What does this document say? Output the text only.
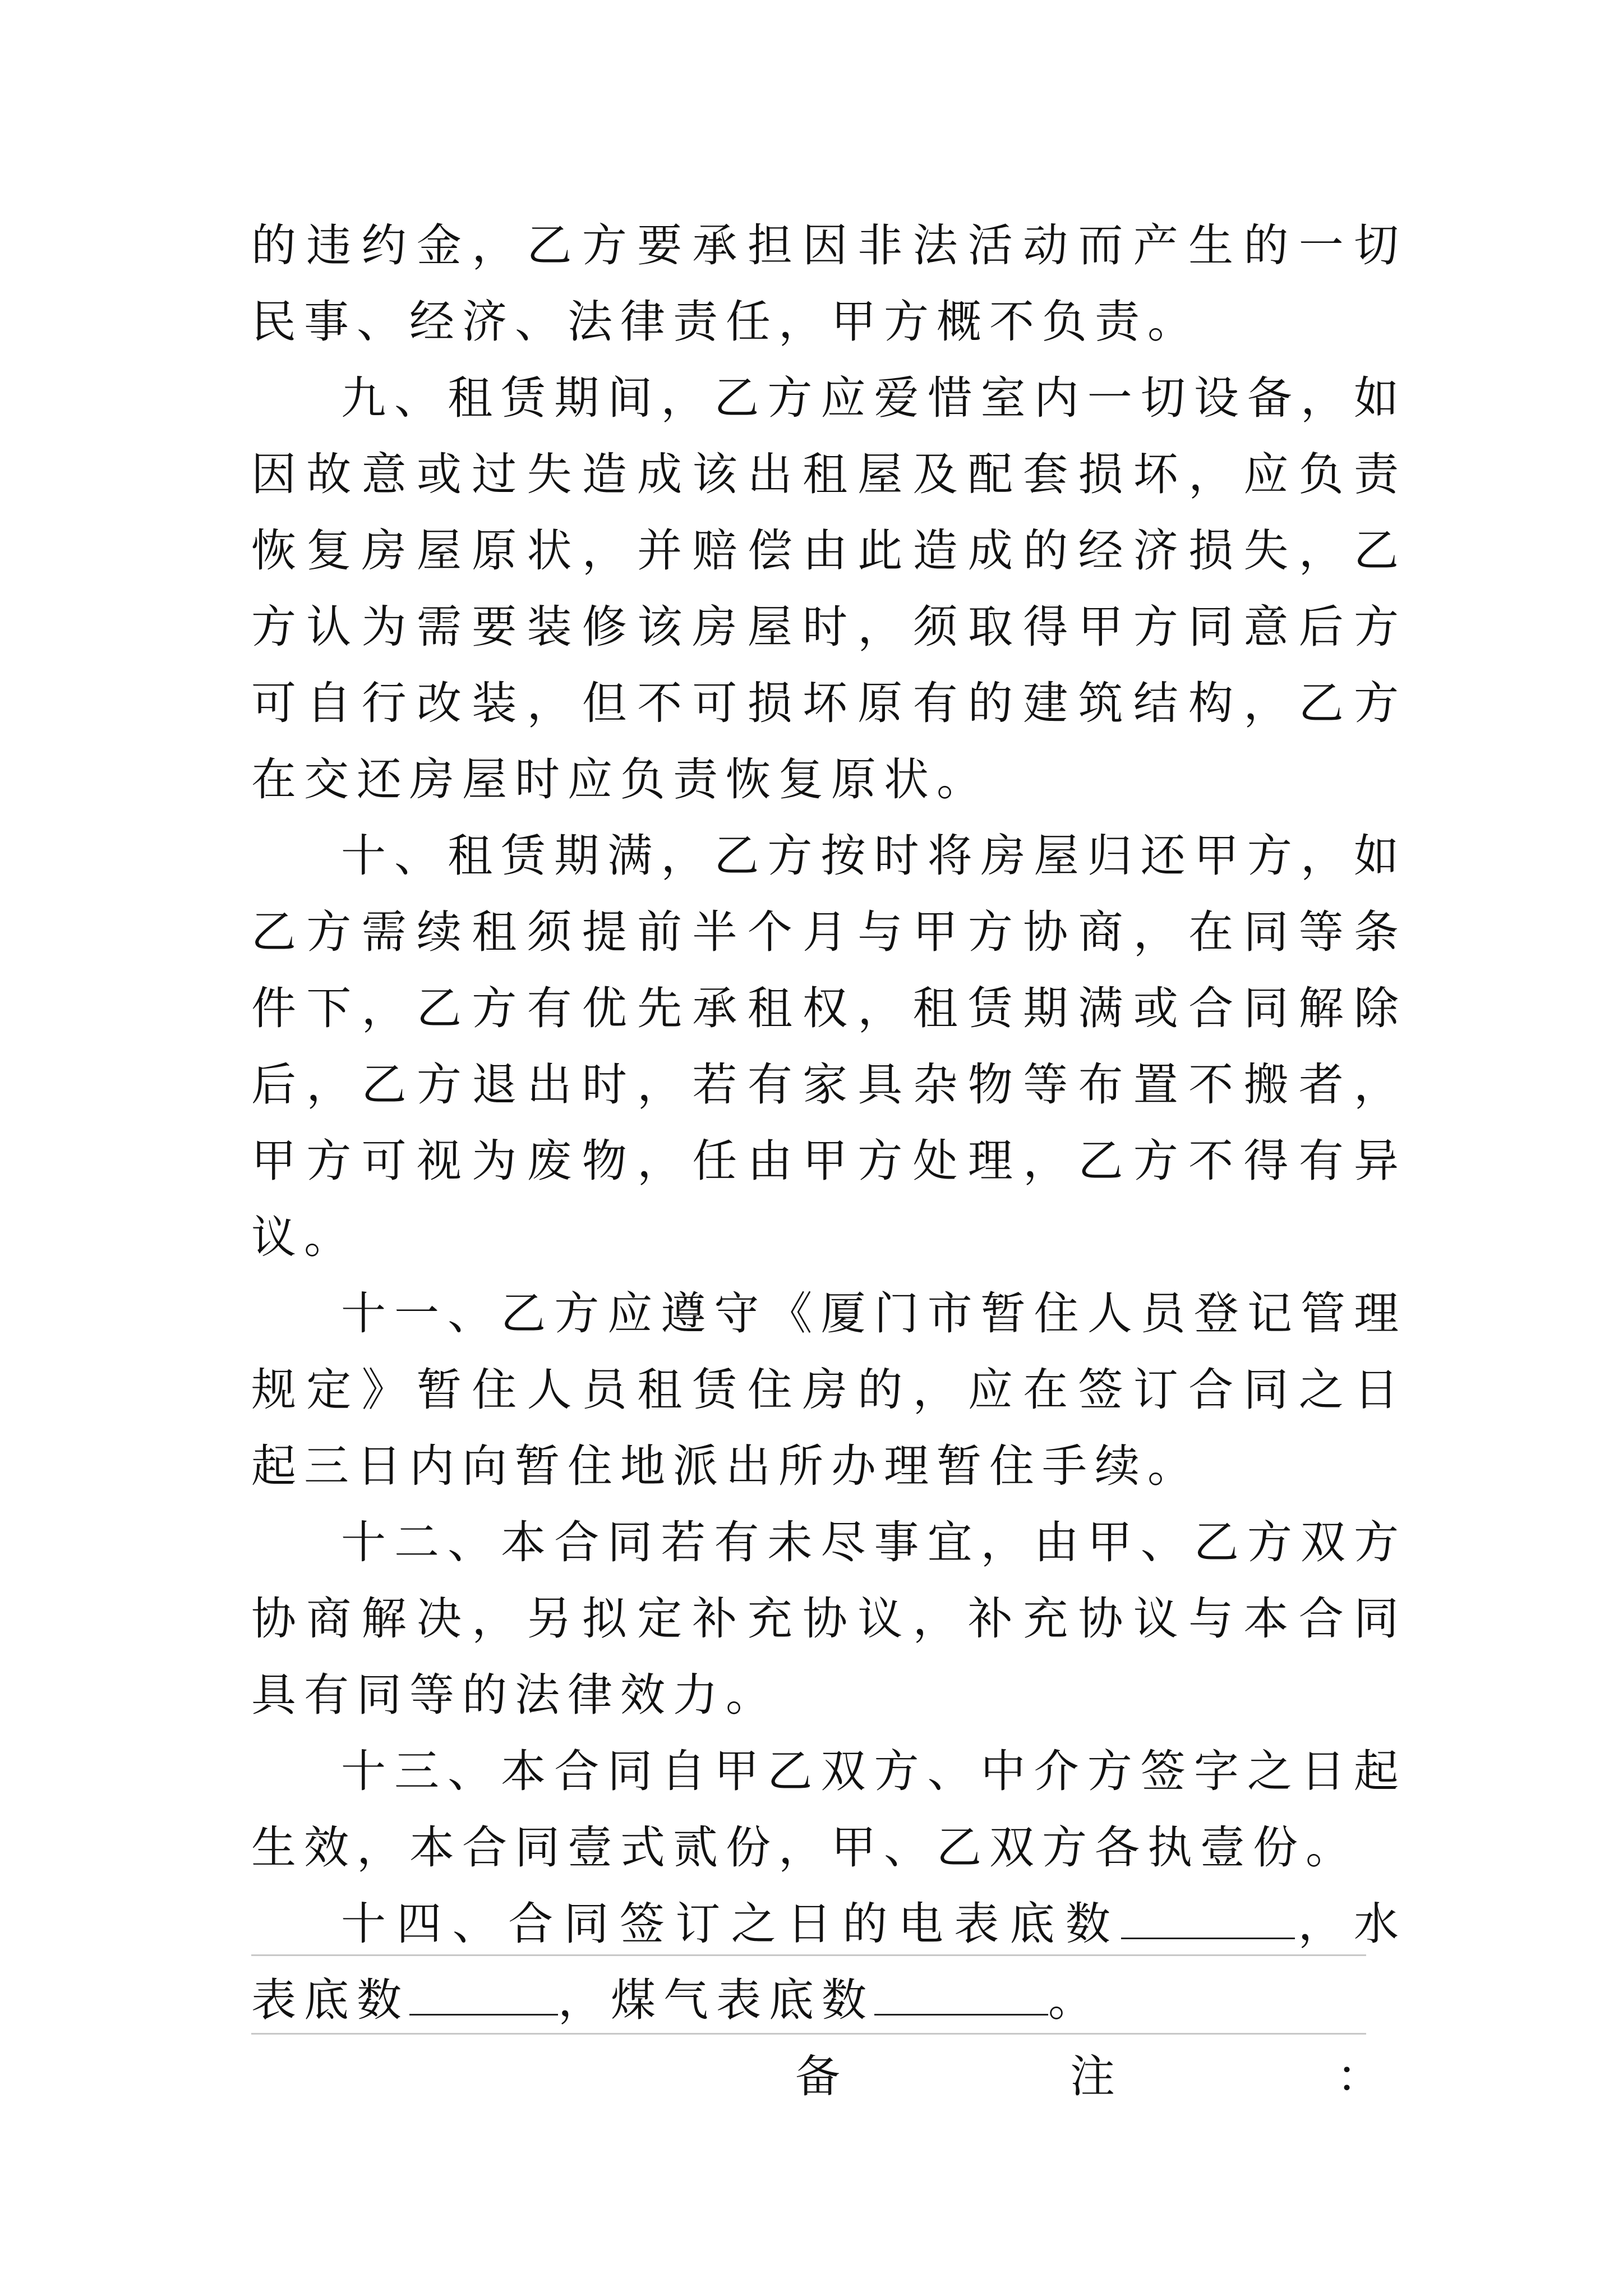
的违约金，乙方要承担因非法活动而产生的一切民事、经济、法律责任，甲方概不负责。

九、租赁期间，乙方应爱惜室内一切设备，如因故意或过失造成该出租屋及配套损坏，应负责恢复房屋原状，并赔偿由此造成的经济损失，乙方认为需要装修该房屋时，须取得甲方同意后方可自行改装，但不可损坏原有的建筑结构，乙方在交还房屋时应负责恢复原状。

十、租赁期满，乙方按时将房屋归还甲方，如乙方需续租须提前半个月与甲方协商，在同等条件下，乙方有优先承租权，租赁期满或合同解除后，乙方退出时，若有家具杂物等布置不搬者，甲方可视为废物，任由甲方处理，乙方不得有异议。

十一、乙方应遵守《厦门市暂住人员登记管理规定》暂住人员租赁住房的，应在签订合同之日起三日内向暂住地派出所办理暂住手续。

十二、本合同若有未尽事宜，由甲、乙方双方协商解决，另拟定补充协议，补充协议与本合同具有同等的法律效力。

十三、本合同自甲乙双方、中介方签字之日起生效，本合同壹式贰份，甲、乙双方各执壹份。

十四、合同签订之日的电表底数	，水表底数	，煤气表底数	。

备	注	：
